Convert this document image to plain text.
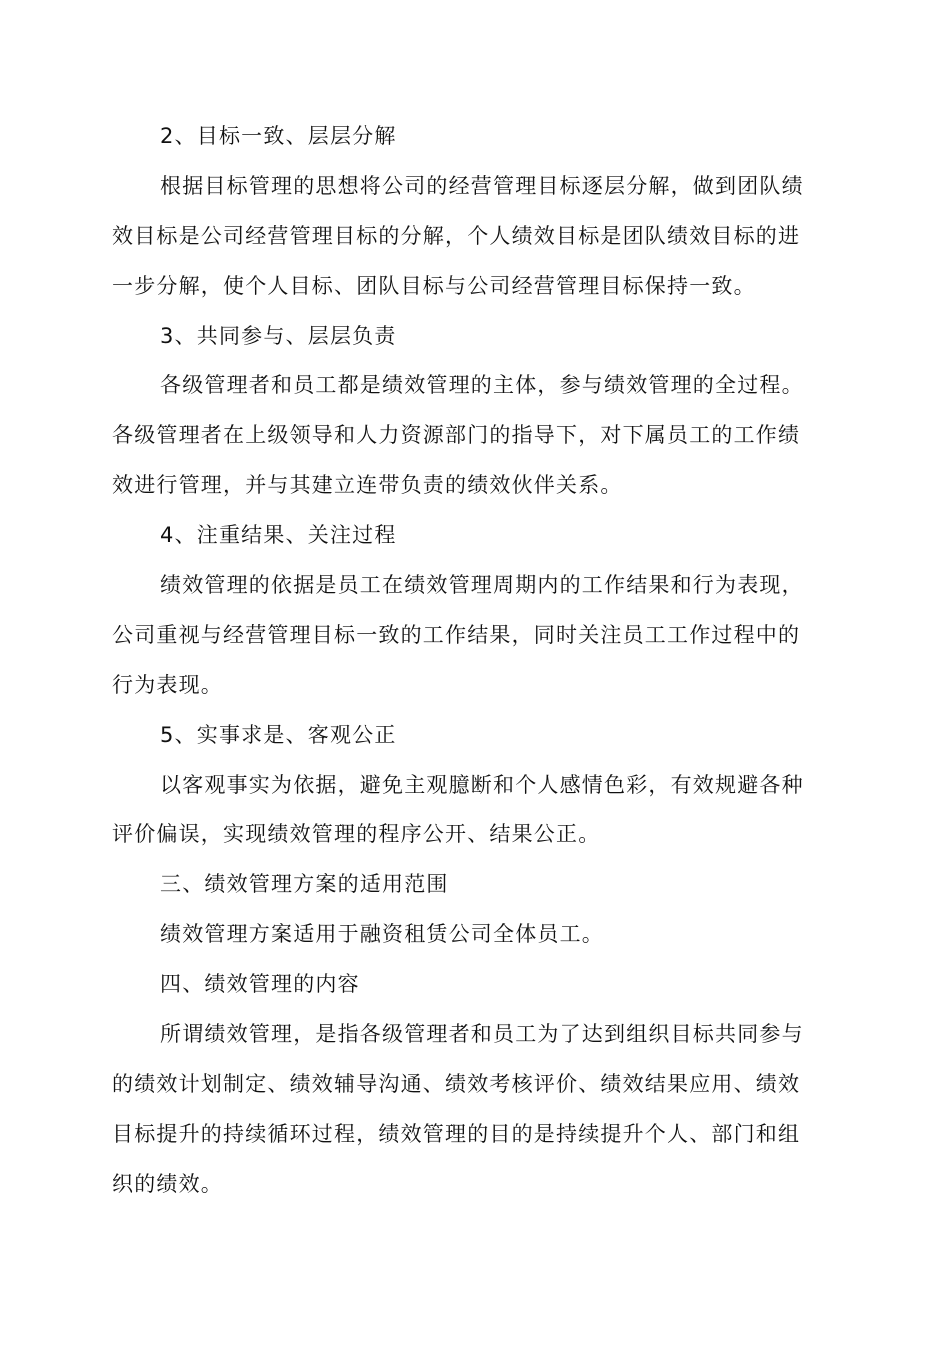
2、目标一致、层层分解
根据目标管理的思想将公司的经营管理目标逐层分解，做到团队绩
效目标是公司经营管理目标的分解，个人绩效目标是团队绩效目标的进
一步分解，使个人目标、团队目标与公司经营管理目标保持一致。
3、共同参与、层层负责
各级管理者和员工都是绩效管理的主体，参与绩效管理的全过程。
各级管理者在上级领导和人力资源部门的指导下，对下属员工的工作绩
效进行管理，并与其建立连带负责的绩效伙伴关系。
4、注重结果、关注过程
绩效管理的依据是员工在绩效管理周期内的工作结果和行为表现，
公司重视与经营管理目标一致的工作结果，同时关注员工工作过程中的
行为表现。
5、实事求是、客观公正
以客观事实为依据，避免主观臆断和个人感情色彩，有效规避各种
评价偏误，实现绩效管理的程序公开、结果公正。
三、绩效管理方案的适用范围
绩效管理方案适用于融资租赁公司全体员工。
四、绩效管理的内容
所谓绩效管理，是指各级管理者和员工为了达到组织目标共同参与
的绩效计划制定、绩效辅导沟通、绩效考核评价、绩效结果应用、绩效
目标提升的持续循环过程，绩效管理的目的是持续提升个人、部门和组
织的绩效。
